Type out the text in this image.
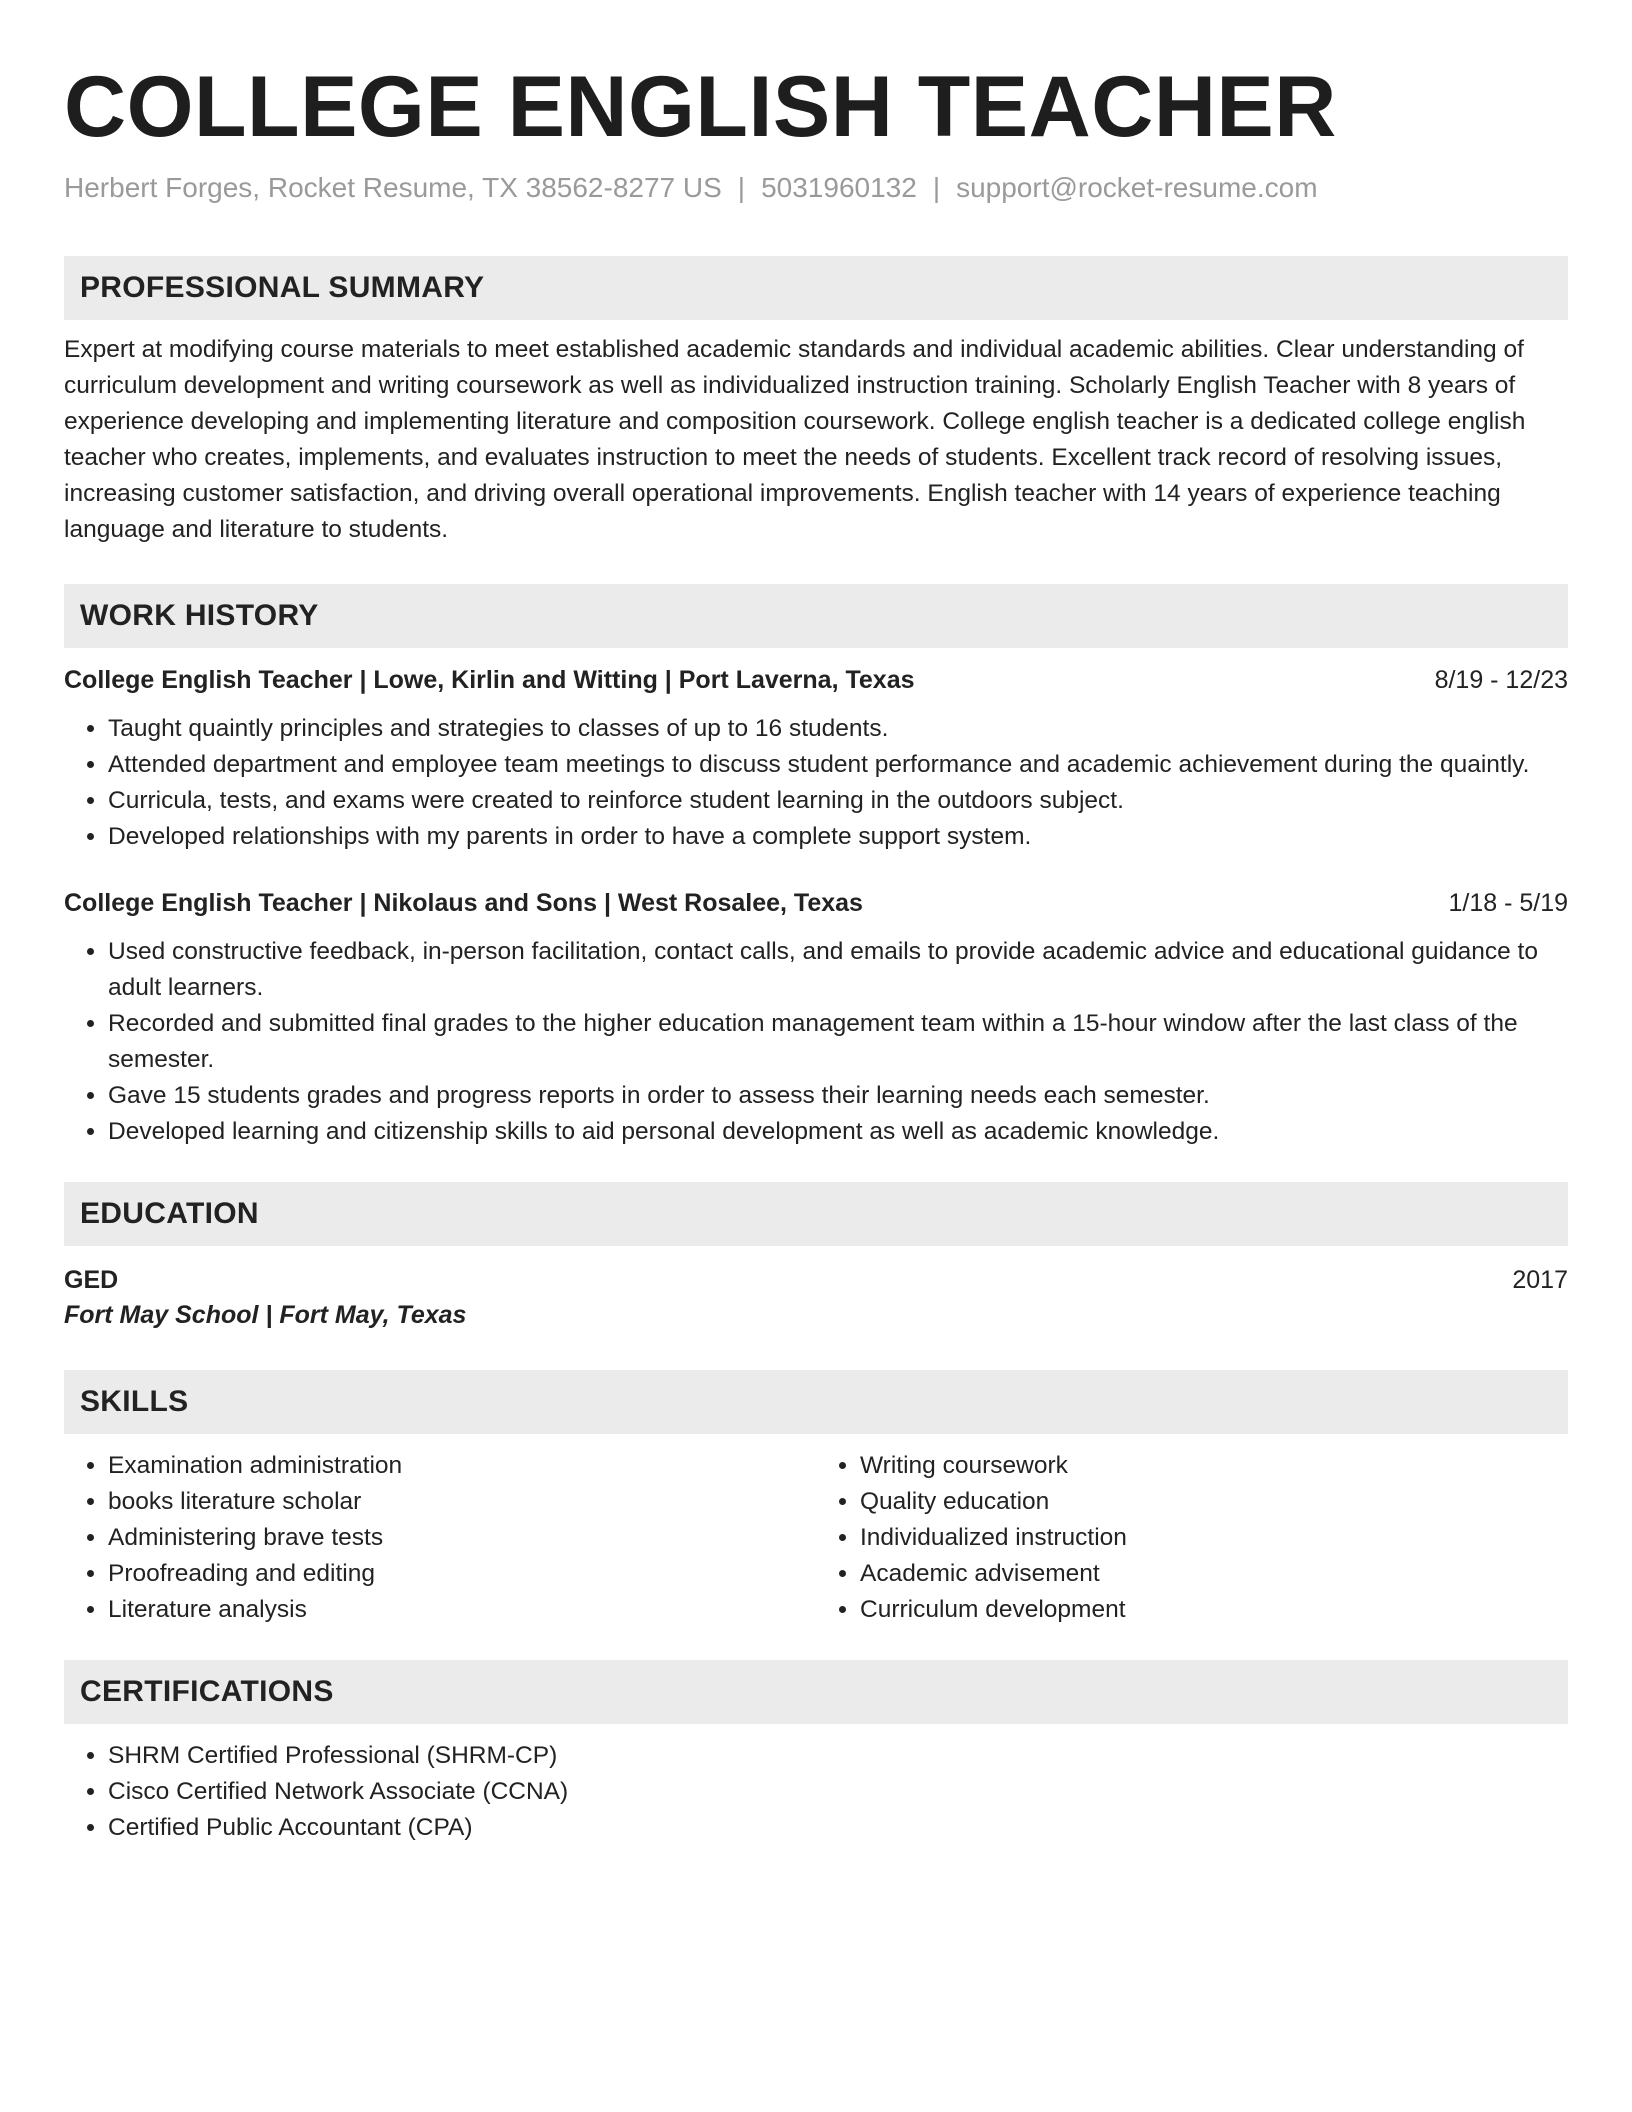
COLLEGE ENGLISH TEACHER
Herbert Forges, Rocket Resume, TX 38562-8277 US | 5031960132 | support@rocket-resume.com
PROFESSIONAL SUMMARY
Expert at modifying course materials to meet established academic standards and individual academic abilities. Clear understanding of curriculum development and writing coursework as well as individualized instruction training. Scholarly English Teacher with 8 years of experience developing and implementing literature and composition coursework. College english teacher is a dedicated college english teacher who creates, implements, and evaluates instruction to meet the needs of students. Excellent track record of resolving issues, increasing customer satisfaction, and driving overall operational improvements. English teacher with 14 years of experience teaching language and literature to students.
WORK HISTORY
College English Teacher | Lowe, Kirlin and Witting | Port Laverna, Texas	8/19 - 12/23
• Taught quaintly principles and strategies to classes of up to 16 students.
• Attended department and employee team meetings to discuss student performance and academic achievement during the quaintly.
• Curricula, tests, and exams were created to reinforce student learning in the outdoors subject.
• Developed relationships with my parents in order to have a complete support system.
College English Teacher | Nikolaus and Sons | West Rosalee, Texas	1/18 - 5/19
• Used constructive feedback, in-person facilitation, contact calls, and emails to provide academic advice and educational guidance to adult learners.
• Recorded and submitted final grades to the higher education management team within a 15-hour window after the last class of the semester.
• Gave 15 students grades and progress reports in order to assess their learning needs each semester.
• Developed learning and citizenship skills to aid personal development as well as academic knowledge.
EDUCATION
GED	2017
Fort May School | Fort May, Texas
SKILLS
• Examination administration
• books literature scholar
• Administering brave tests
• Proofreading and editing
• Literature analysis
• Writing coursework
• Quality education
• Individualized instruction
• Academic advisement
• Curriculum development
CERTIFICATIONS
• SHRM Certified Professional (SHRM-CP)
• Cisco Certified Network Associate (CCNA)
• Certified Public Accountant (CPA)
